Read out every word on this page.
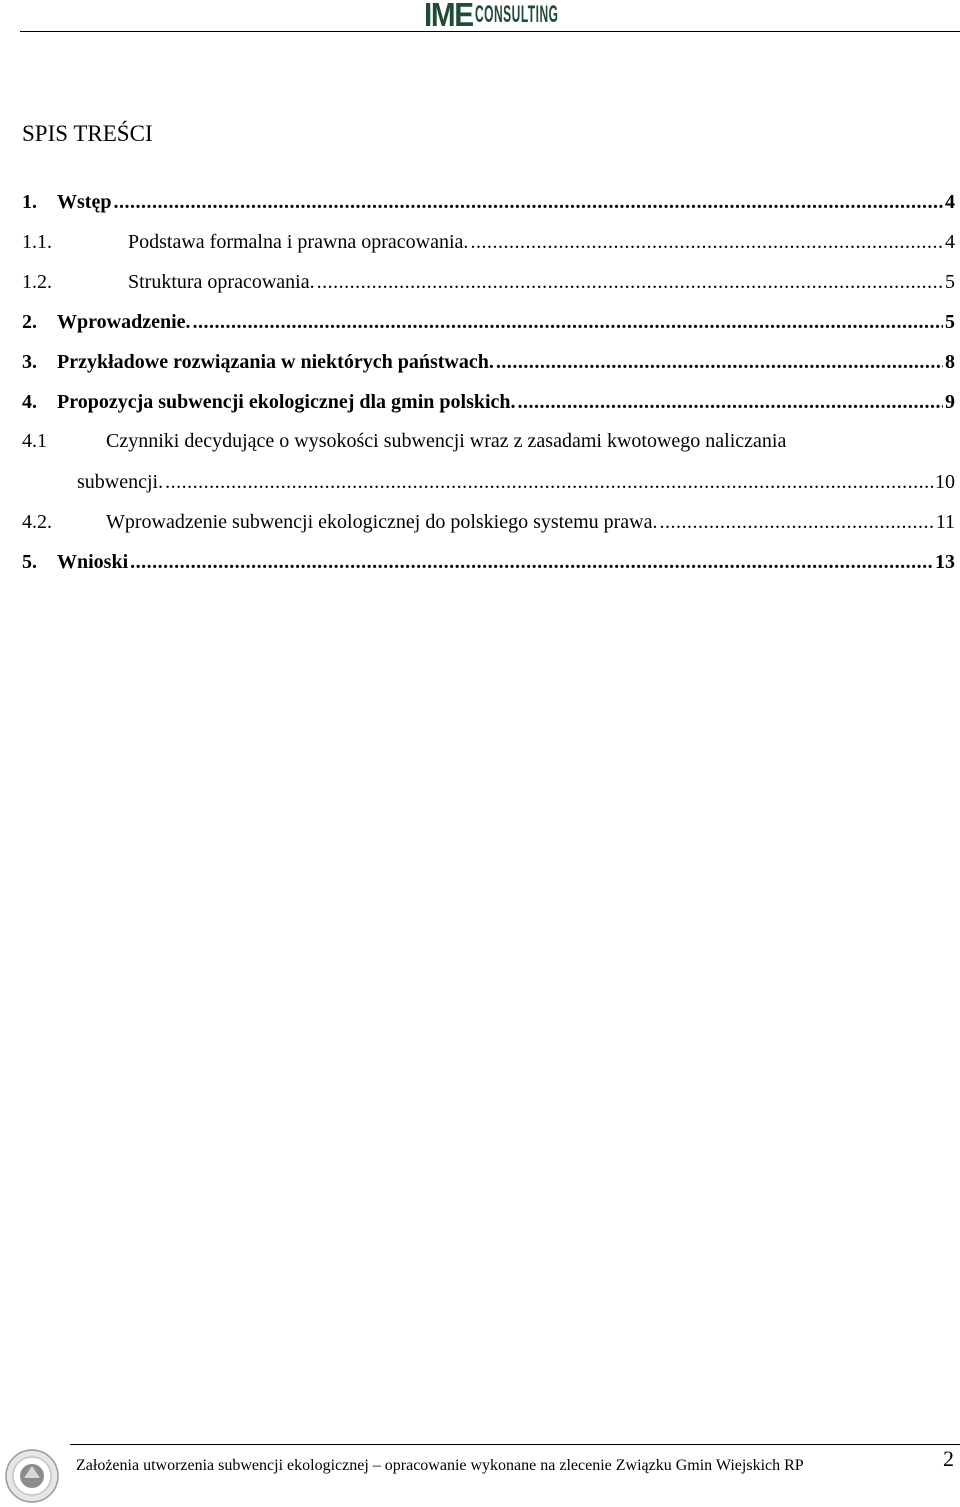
IME CONSULTING
SPIS TREŚCI
1.	Wstęp .....	4
1.1.	Podstawa formalna i prawna opracowania. .....	4
1.2.	Struktura opracowania. .....	5
2.	Wprowadzenie. .....	5
3.	Przykładowe rozwiązania w niektórych państwach. .....	8
4.	Propozycja subwencji ekologicznej dla gmin polskich. .....	9
4.1	Czynniki decydujące o wysokości subwencji wraz z zasadami kwotowego naliczania
subwencji. .....	10
4.2.	Wprowadzenie subwencji ekologicznej do polskiego systemu prawa. .....	11
5.	Wnioski .....	13
Założenia utworzenia subwencji ekologicznej – opracowanie wykonane na zlecenie Związku Gmin Wiejskich RP	2
